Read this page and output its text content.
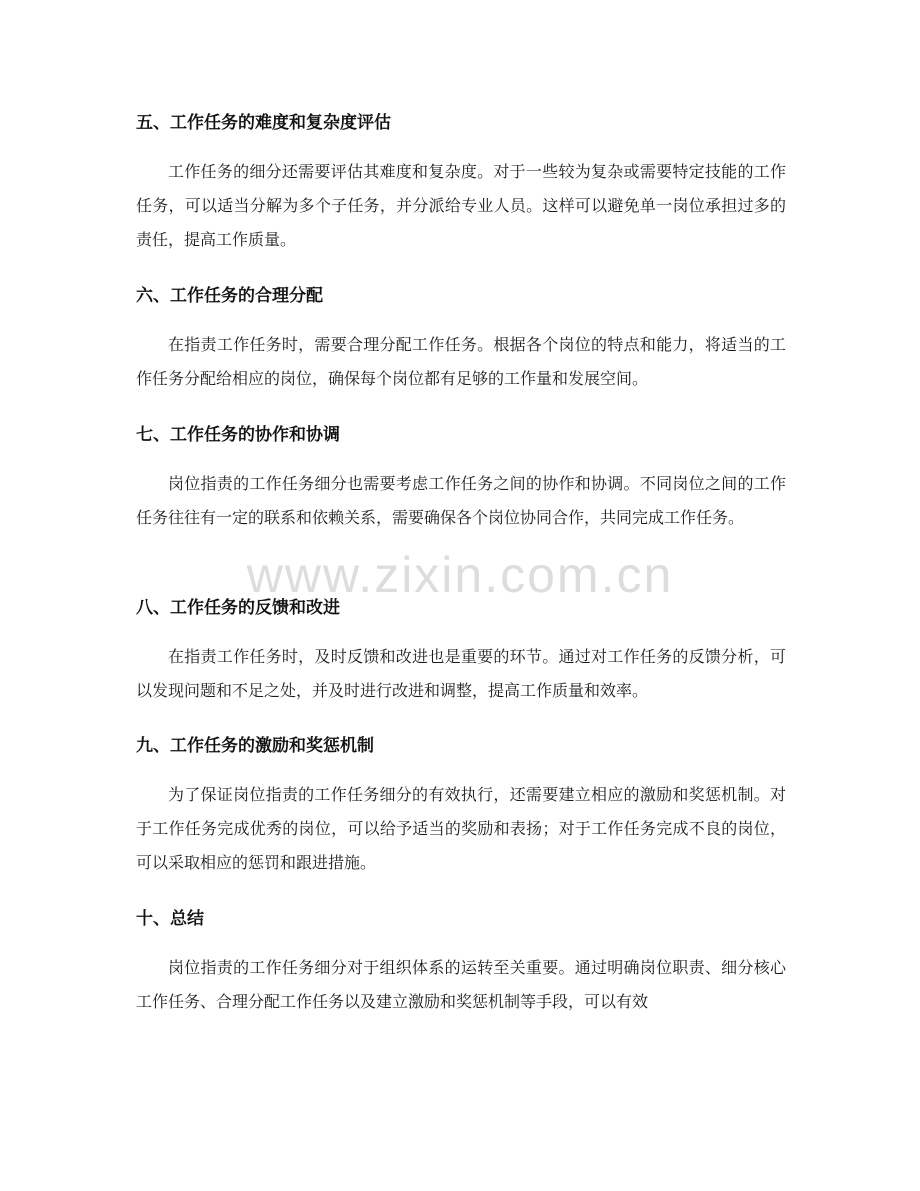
五、工作任务的难度和复杂度评估

工作任务的细分还需要评估其难度和复杂度。对于一些较为复杂或需要特定技能的工作任务，可以适当分解为多个子任务，并分派给专业人员。这样可以避免单一岗位承担过多的责任，提高工作质量。

六、工作任务的合理分配

在指责工作任务时，需要合理分配工作任务。根据各个岗位的特点和能力，将适当的工作任务分配给相应的岗位，确保每个岗位都有足够的工作量和发展空间。

七、工作任务的协作和协调

岗位指责的工作任务细分也需要考虑工作任务之间的协作和协调。不同岗位之间的工作任务往往有一定的联系和依赖关系，需要确保各个岗位协同合作，共同完成工作任务。

八、工作任务的反馈和改进

在指责工作任务时，及时反馈和改进也是重要的环节。通过对工作任务的反馈分析，可以发现问题和不足之处，并及时进行改进和调整，提高工作质量和效率。

九、工作任务的激励和奖惩机制

为了保证岗位指责的工作任务细分的有效执行，还需要建立相应的激励和奖惩机制。对于工作任务完成优秀的岗位，可以给予适当的奖励和表扬；对于工作任务完成不良的岗位，可以采取相应的惩罚和跟进措施。

十、总结

岗位指责的工作任务细分对于组织体系的运转至关重要。通过明确岗位职责、细分核心工作任务、合理分配工作任务以及建立激励和奖惩机制等手段，可以有效

www.zixin.com.cn
